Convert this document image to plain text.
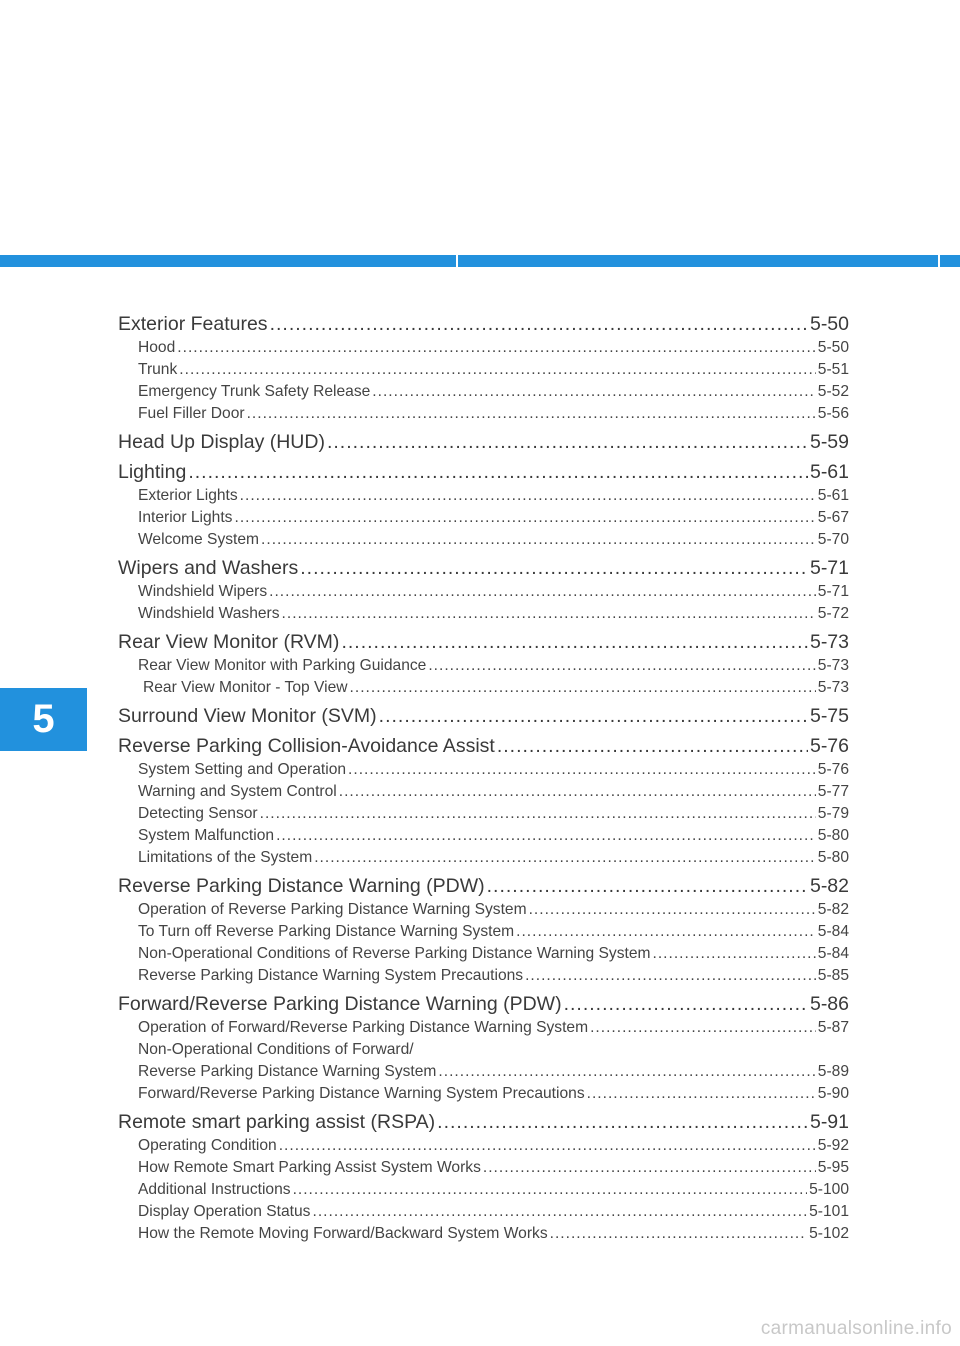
5
Exterior Features .....	5-50
Hood .....	5-50
Trunk .....	5-51
Emergency Trunk Safety Release .....	5-52
Fuel Filler Door .....	5-56
Head Up Display (HUD) .....	5-59
Lighting .....	5-61
Exterior Lights .....	5-61
Interior Lights .....	5-67
Welcome System .....	5-70
Wipers and Washers .....	5-71
Windshield Wipers .....	5-71
Windshield Washers .....	5-72
Rear View Monitor (RVM) .....	5-73
Rear View Monitor with Parking Guidance .....	5-73
Rear View Monitor - Top View .....	5-73
Surround View Monitor (SVM) .....	5-75
Reverse Parking Collision-Avoidance Assist .....	5-76
System Setting and Operation .....	5-76
Warning and System Control .....	5-77
Detecting Sensor .....	5-79
System Malfunction .....	5-80
Limitations of the System .....	5-80
Reverse Parking Distance Warning (PDW) .....	5-82
Operation of Reverse Parking Distance Warning System .....	5-82
To Turn off Reverse Parking Distance Warning System .....	5-84
Non-Operational Conditions of Reverse Parking Distance Warning System .....	5-84
Reverse Parking Distance Warning System Precautions .....	5-85
Forward/Reverse Parking Distance Warning (PDW) .....	5-86
Operation of Forward/Reverse Parking Distance Warning System .....	5-87
Non-Operational Conditions of Forward/
Reverse Parking Distance Warning System .....	5-89
Forward/Reverse Parking Distance Warning System Precautions .....	5-90
Remote smart parking assist (RSPA) .....	5-91
Operating Condition .....	5-92
How Remote Smart Parking Assist System Works .....	5-95
Additional Instructions .....	5-100
Display Operation Status .....	5-101
How the Remote Moving Forward/Backward System Works .....	5-102
carmanualsonline.info
